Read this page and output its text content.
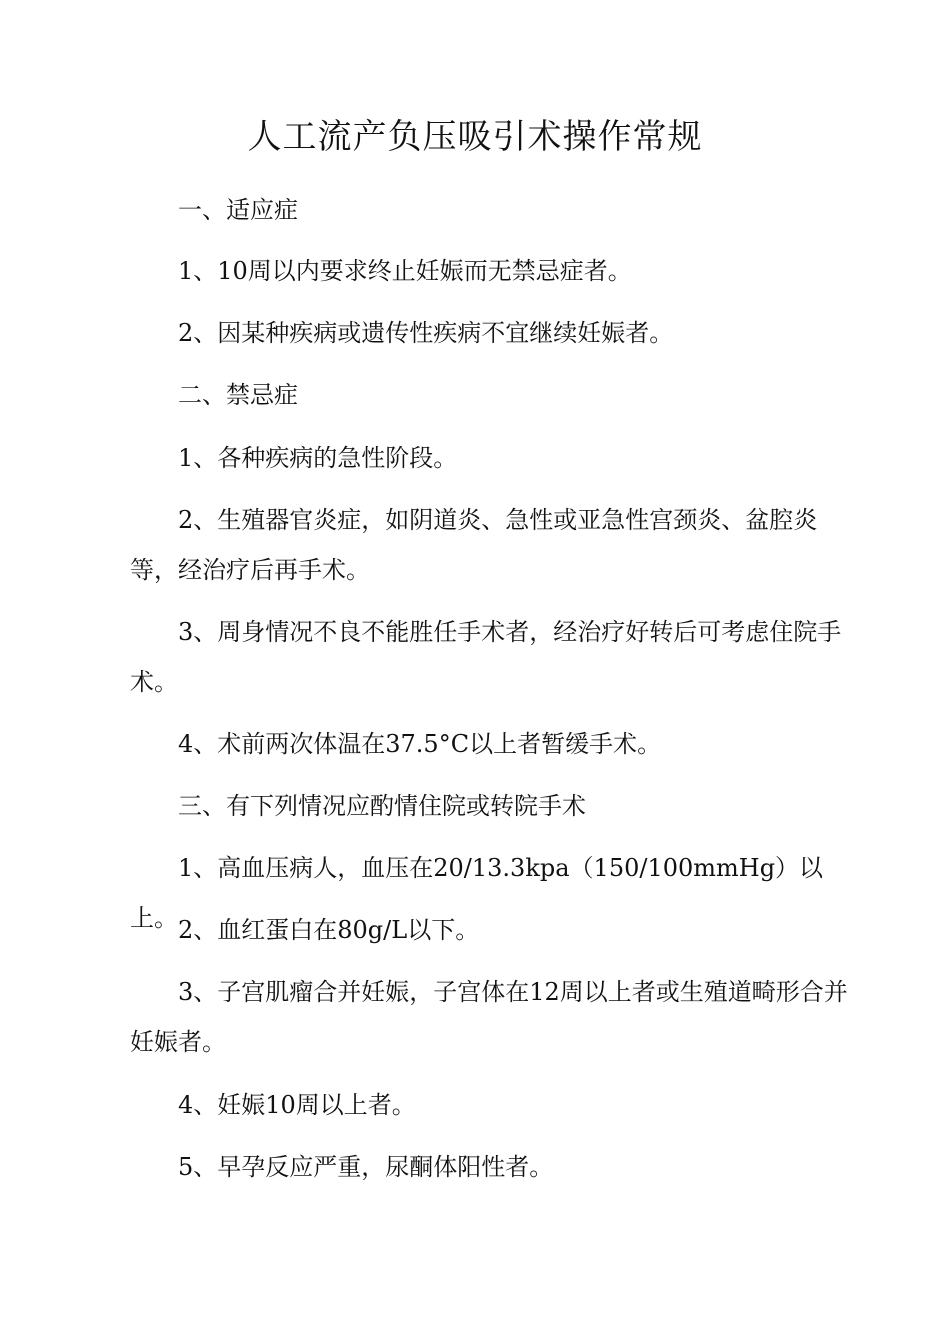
人工流产负压吸引术操作常规
一、适应症
1、10周以内要求终止妊娠而无禁忌症者。
2、因某种疾病或遗传性疾病不宜继续妊娠者。
二、禁忌症
1、各种疾病的急性阶段。
2、生殖器官炎症，如阴道炎、急性或亚急性宫颈炎、盆腔炎等，经治疗后再手术。
3、周身情况不良不能胜任手术者，经治疗好转后可考虑住院手术。
4、术前两次体温在37.5°C以上者暂缓手术。
三、有下列情况应酌情住院或转院手术
1、高血压病人，血压在20/13.3kpa（150/100mmHg）以上。 2、血红蛋白在80g/L以下。
3、子宫肌瘤合并妊娠，子宫体在12周以上者或生殖道畸形合并妊娠者。
4、妊娠10周以上者。
5、早孕反应严重，尿酮体阳性者。
